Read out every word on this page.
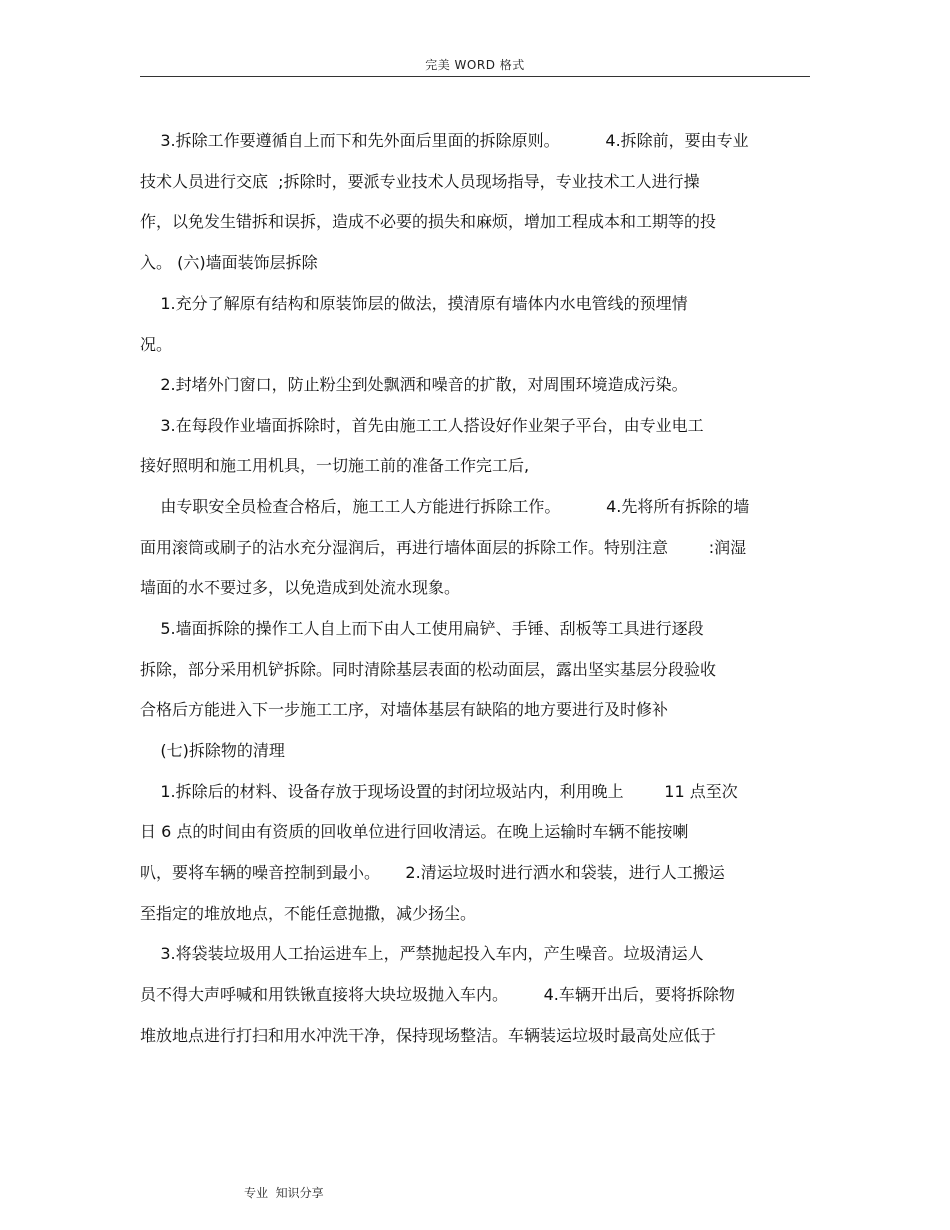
完美 WORD 格式
3.拆除工作要遵循自上而下和先外面后里面的拆除原则。         4.拆除前，要由专业
技术人员进行交底  ;拆除时，要派专业技术人员现场指导，专业技术工人进行操
作，以免发生错拆和误拆，造成不必要的损失和麻烦，增加工程成本和工期等的投
入。 (六)墙面装饰层拆除
1.充分了解原有结构和原装饰层的做法，摸清原有墙体内水电管线的预埋情
况。
2.封堵外门窗口，防止粉尘到处飘洒和噪音的扩散，对周围环境造成污染。
3.在每段作业墙面拆除时，首先由施工工人搭设好作业架子平台，由专业电工
接好照明和施工用机具，一切施工前的准备工作完工后,
由专职安全员检查合格后，施工工人方能进行拆除工作。         4.先将所有拆除的墙
面用滚筒或刷子的沾水充分湿润后，再进行墙体面层的拆除工作。特别注意        :润湿
墙面的水不要过多，以免造成到处流水现象。
5.墙面拆除的操作工人自上而下由人工使用扁铲、手锤、刮板等工具进行逐段
拆除，部分采用机铲拆除。同时清除基层表面的松动面层，露出坚实基层分段验收
合格后方能进入下一步施工工序，对墙体基层有缺陷的地方要进行及时修补
(七)拆除物的清理
1.拆除后的材料、设备存放于现场设置的封闭垃圾站内，利用晚上        11 点至次
日 6 点的时间由有资质的回收单位进行回收清运。在晚上运输时车辆不能按喇
叭，要将车辆的噪音控制到最小。     2.清运垃圾时进行洒水和袋装，进行人工搬运
至指定的堆放地点，不能任意抛撒，减少扬尘。
3.将袋装垃圾用人工抬运进车上，严禁抛起投入车内，产生噪音。垃圾清运人
员不得大声呼喊和用铁锹直接将大块垃圾抛入车内。       4.车辆开出后，要将拆除物
堆放地点进行打扫和用水冲洗干净，保持现场整洁。车辆装运垃圾时最高处应低于
专业  知识分享
